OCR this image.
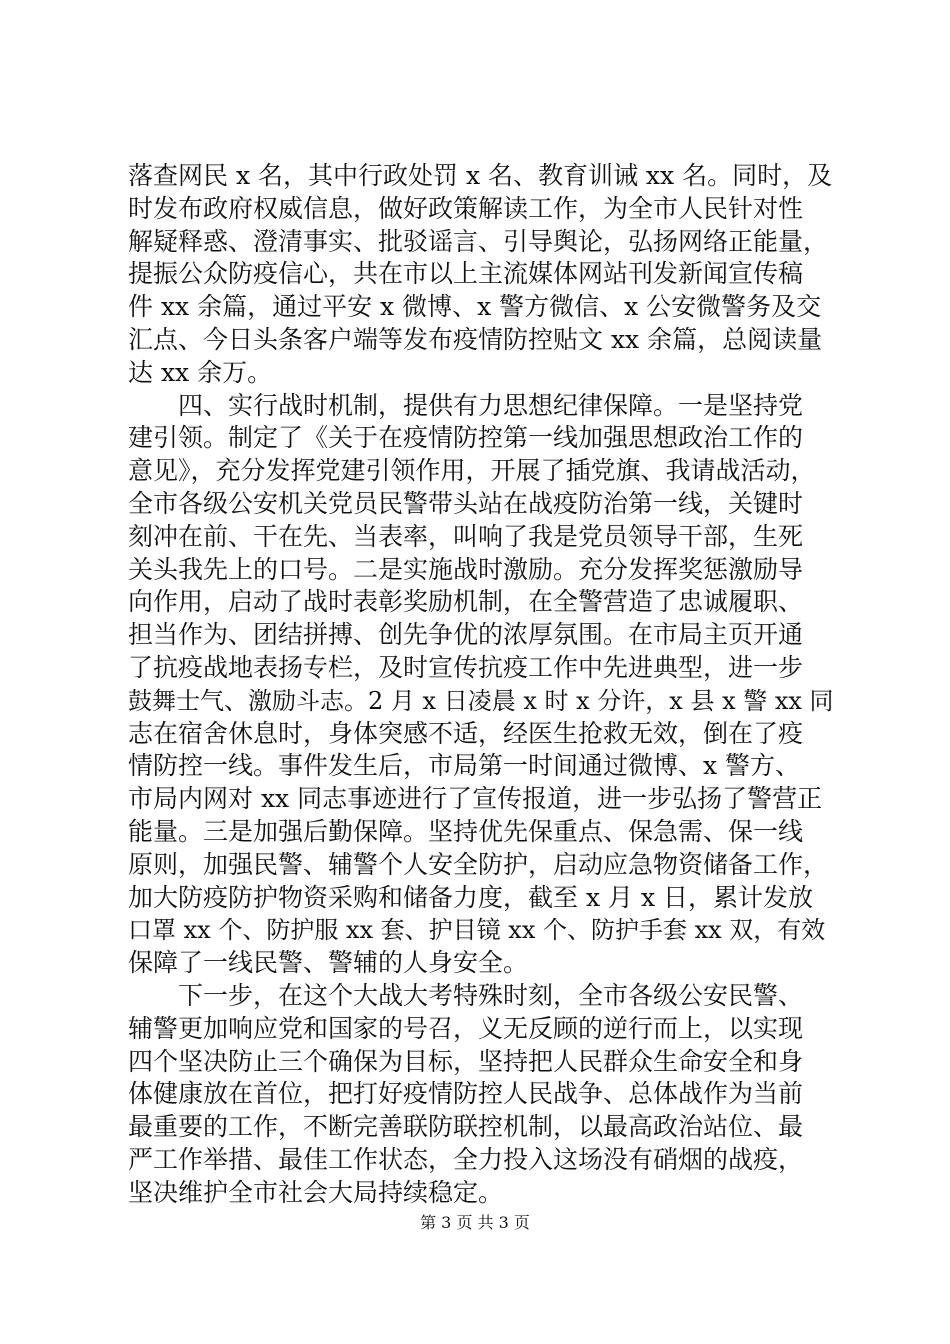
落查网民 x 名，其中行政处罚 x 名、教育训诫 xx 名。同时，及
时发布政府权威信息，做好政策解读工作，为全市人民针对性
解疑释惑、澄清事实、批驳谣言、引导舆论，弘扬网络正能量，
提振公众防疫信心，共在市以上主流媒体网站刊发新闻宣传稿
件 xx 余篇，通过平安 x 微博、x 警方微信、x 公安微警务及交
汇点、今日头条客户端等发布疫情防控贴文 xx 余篇，总阅读量
达 xx 余万。
　　四、实行战时机制，提供有力思想纪律保障。一是坚持党
建引领。制定了《关于在疫情防控第一线加强思想政治工作的
意见》，充分发挥党建引领作用，开展了插党旗、我请战活动，
全市各级公安机关党员民警带头站在战疫防治第一线，关键时
刻冲在前、干在先、当表率，叫响了我是党员领导干部，生死
关头我先上的口号。二是实施战时激励。充分发挥奖惩激励导
向作用，启动了战时表彰奖励机制，在全警营造了忠诚履职、
担当作为、团结拼搏、创先争优的浓厚氛围。在市局主页开通
了抗疫战地表扬专栏，及时宣传抗疫工作中先进典型，进一步
鼓舞士气、激励斗志。2 月 x 日凌晨 x 时 x 分许，x 县 x 警 xx 同
志在宿舍休息时，身体突感不适，经医生抢救无效，倒在了疫
情防控一线。事件发生后，市局第一时间通过微博、x 警方、
市局内网对 xx 同志事迹进行了宣传报道，进一步弘扬了警营正
能量。三是加强后勤保障。坚持优先保重点、保急需、保一线
原则，加强民警、辅警个人安全防护，启动应急物资储备工作，
加大防疫防护物资采购和储备力度，截至 x 月 x 日，累计发放
口罩 xx 个、防护服 xx 套、护目镜 xx 个、防护手套 xx 双，有效
保障了一线民警、警辅的人身安全。
　　下一步，在这个大战大考特殊时刻，全市各级公安民警、
辅警更加响应党和国家的号召，义无反顾的逆行而上，以实现
四个坚决防止三个确保为目标，坚持把人民群众生命安全和身
体健康放在首位，把打好疫情防控人民战争、总体战作为当前
最重要的工作，不断完善联防联控机制，以最高政治站位、最
严工作举措、最佳工作状态，全力投入这场没有硝烟的战疫，
坚决维护全市社会大局持续稳定。
第 3 页 共 3 页
